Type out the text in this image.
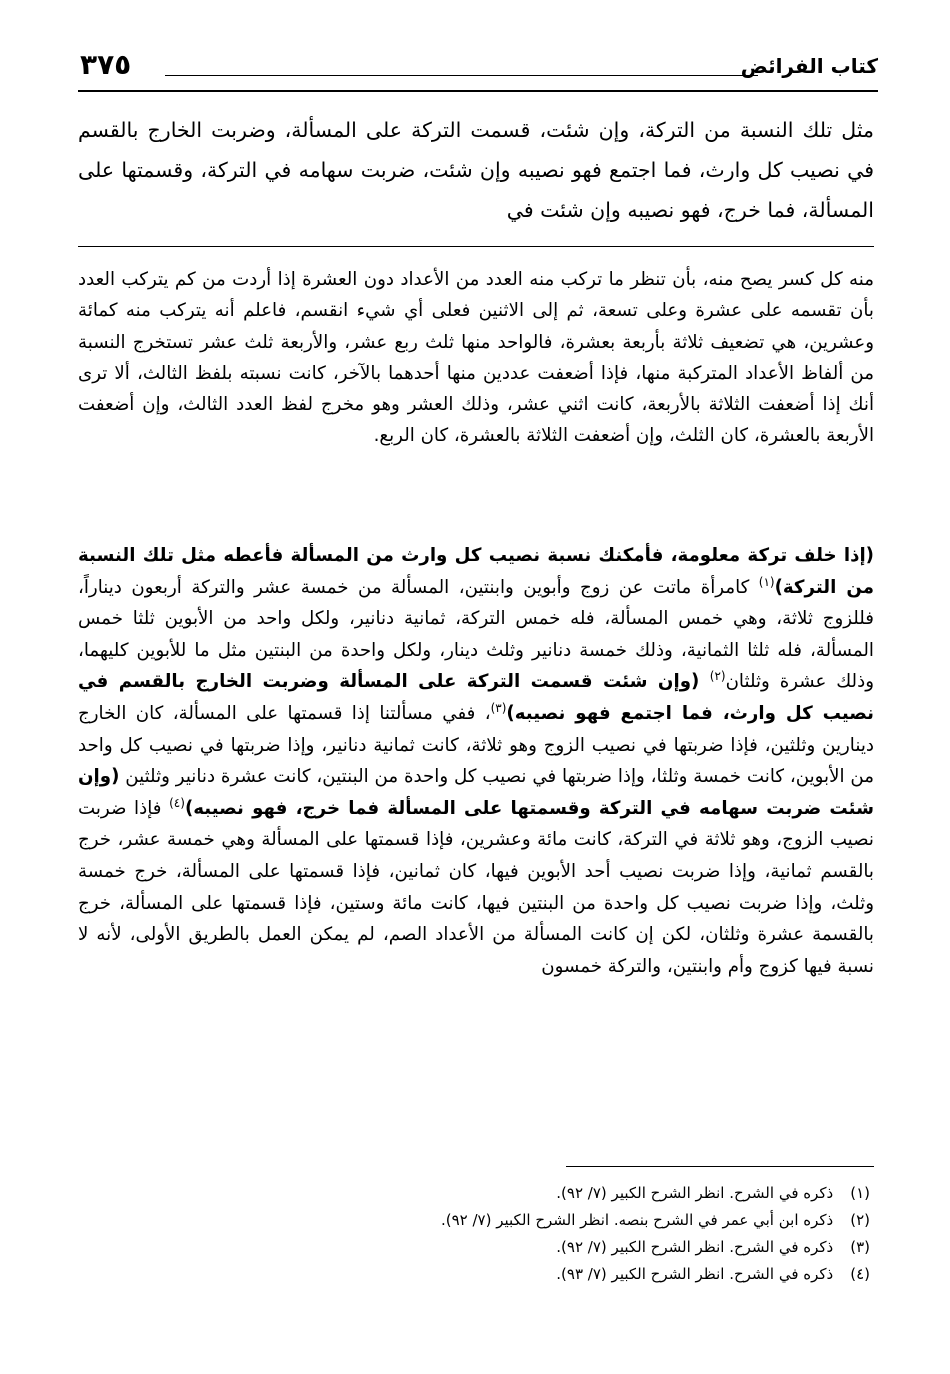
كتاب الفرائض
٣٧٥

مثل تلك النسبة من التركة، وإن شئت، قسمت التركة على المسألة، وضربت الخارج بالقسم في نصيب كل وارث، فما اجتمع فهو نصيبه وإن شئت، ضربت سهامه في التركة، وقسمتها على المسألة، فما خرج، فهو نصيبه وإن شئت في

منه كل كسر يصح منه، بأن تنظر ما تركب منه العدد من الأعداد دون العشرة إذا أردت من كم يتركب العدد بأن تقسمه على عشرة وعلى تسعة، ثم إلى الاثنين فعلى أي شيء انقسم، فاعلم أنه يتركب منه كمائة وعشرين، هي تضعيف ثلاثة بأربعة بعشرة، فالواحد منها ثلث ربع عشر، والأربعة ثلث عشر تستخرج النسبة من ألفاظ الأعداد المتركبة منها، فإذا أضعفت عددين منها أحدهما بالآخر، كانت نسبته بلفظ الثالث، ألا ترى أنك إذا أضعفت الثلاثة بالأربعة، كانت اثني عشر، وذلك العشر وهو مخرج لفظ العدد الثالث، وإن أضعفت الأربعة بالعشرة، كان الثلث، وإن أضعفت الثلاثة بالعشرة، كان الربع.

(إذا خلف تركة معلومة، فأمكنك نسبة نصيب كل وارث من المسألة فأعطه مثل تلك النسبة من التركة)$^{(١)}$ كامرأة ماتت عن زوج وأبوين وابنتين، المسألة من خمسة عشر والتركة أربعون ديناراً، فللزوج ثلاثة، وهي خمس المسألة، فله خمس التركة، ثمانية دنانير، ولكل واحد من الأبوين ثلثا خمس المسألة، فله ثلثا الثمانية، وذلك خمسة دنانير وثلث دينار، ولكل واحدة من البنتين مثل ما للأبوين كليهما، وذلك عشرة وثلثان$^{(٢)}$ (وإن شئت قسمت التركة على المسألة وضربت الخارج بالقسم في نصيب كل وارث، فما اجتمع فهو نصيبه)$^{(٣)}$، ففي مسألتنا إذا قسمتها على المسألة، كان الخارج دينارين وثلثين، فإذا ضربتها في نصيب الزوج وهو ثلاثة، كانت ثمانية دنانير، وإذا ضربتها في نصيب كل واحد من الأبوين، كانت خمسة وثلثا، وإذا ضربتها في نصيب كل واحدة من البنتين، كانت عشرة دنانير وثلثين (وإن شئت ضربت سهامه في التركة وقسمتها على المسألة فما خرج، فهو نصيبه)$^{(٤)}$ فإذا ضربت نصيب الزوج، وهو ثلاثة في التركة، كانت مائة وعشرين، فإذا قسمتها على المسألة وهي خمسة عشر، خرج بالقسم ثمانية، وإذا ضربت نصيب أحد الأبوين فيها، كان ثمانين، فإذا قسمتها على المسألة، خرج خمسة وثلث، وإذا ضربت نصيب كل واحدة من البنتين فيها، كانت مائة وستين، فإذا قسمتها على المسألة، خرج بالقسمة عشرة وثلثان، لكن إن كانت المسألة من الأعداد الصم، لم يمكن العمل بالطريق الأولى، لأنه لا نسبة فيها كزوج وأم وابنتين، والتركة خمسون

(١) ذكره في الشرح. انظر الشرح الكبير (٧/ ٩٢).
(٢) ذكره ابن أبي عمر في الشرح بنصه. انظر الشرح الكبير (٧/ ٩٢).
(٣) ذكره في الشرح. انظر الشرح الكبير (٧/ ٩٢).
(٤) ذكره في الشرح. انظر الشرح الكبير (٧/ ٩٣).
